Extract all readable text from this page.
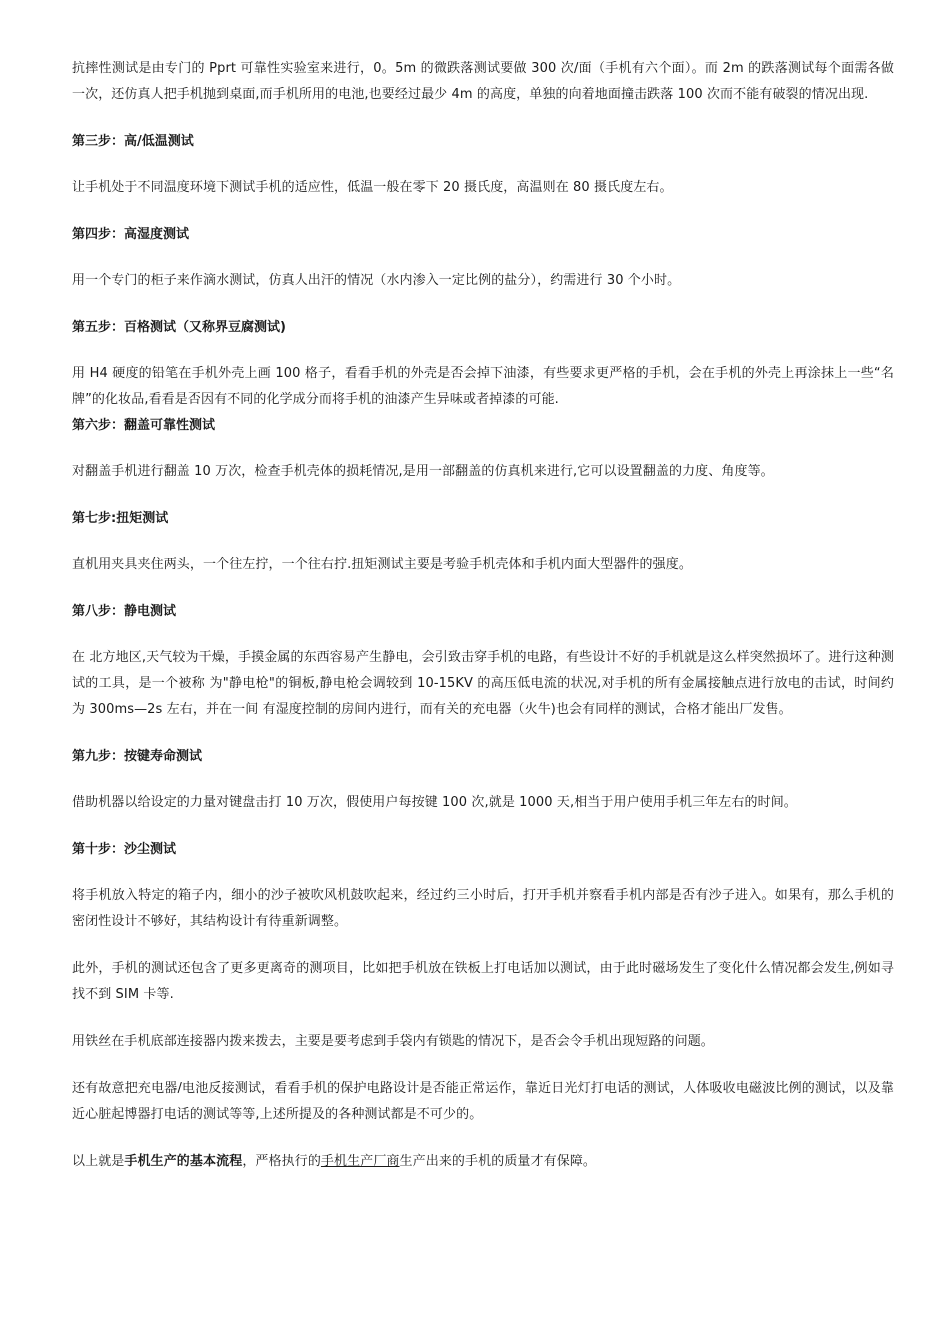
抗摔性测试是由专门的 Pprt 可靠性实验室来进行，0。5m 的微跌落测试要做 300 次/面（手机有六个面）。而 2m 的跌落测试每个面需各做一次，还仿真人把手机抛到桌面,而手机所用的电池,也要经过最少 4m 的高度，单独的向着地面撞击跌落 100 次而不能有破裂的情况出现.

第三步：高/低温测试

让手机处于不同温度环境下测试手机的适应性，低温一般在零下 20 摄氏度，高温则在 80 摄氏度左右。

第四步：高湿度测试

用一个专门的柜子来作滴水测试，仿真人出汗的情况（水内渗入一定比例的盐分），约需进行 30 个小时。

第五步：百格测试（又称界豆腐测试)

用 H4 硬度的铅笔在手机外壳上画 100 格子，看看手机的外壳是否会掉下油漆，有些要求更严格的手机，会在手机的外壳上再涂抹上一些“名牌”的化妆品,看看是否因有不同的化学成分而将手机的油漆产生异味或者掉漆的可能.

第六步：翻盖可靠性测试

对翻盖手机进行翻盖 10 万次，检查手机壳体的损耗情况,是用一部翻盖的仿真机来进行,它可以设置翻盖的力度、角度等。

第七步:扭矩测试

直机用夹具夹住两头，一个往左拧，一个往右拧.扭矩测试主要是考验手机壳体和手机内面大型器件的强度。

第八步：静电测试

在 北方地区,天气较为干燥，手摸金属的东西容易产生静电，会引致击穿手机的电路，有些设计不好的手机就是这么样突然损坏了。进行这种测试的工具，是一个被称 为"静电枪"的铜板,静电枪会调较到 10-15KV 的高压低电流的状况,对手机的所有金属接触点进行放电的击试，时间约为 300ms—2s 左右，并在一间 有湿度控制的房间内进行，而有关的充电器（火牛)也会有同样的测试，合格才能出厂发售。

第九步：按键寿命测试

借助机器以给设定的力量对键盘击打 10 万次，假使用户每按键 100 次,就是 1000 天,相当于用户使用手机三年左右的时间。

第十步：沙尘测试

将手机放入特定的箱子内，细小的沙子被吹风机鼓吹起来，经过约三小时后，打开手机并察看手机内部是否有沙子进入。如果有，那么手机的密闭性设计不够好，其结构设计有待重新调整。

此外，手机的测试还包含了更多更离奇的测项目，比如把手机放在铁板上打电话加以测试，由于此时磁场发生了变化什么情况都会发生,例如寻找不到 SIM 卡等.

用铁丝在手机底部连接器内拨来拨去，主要是要考虑到手袋内有锁匙的情况下，是否会令手机出现短路的问题。

还有故意把充电器/电池反接测试，看看手机的保护电路设计是否能正常运作，靠近日光灯打电话的测试，人体吸收电磁波比例的测试，以及靠近心脏起博器打电话的测试等等,上述所提及的各种测试都是不可少的。

以上就是手机生产的基本流程，严格执行的手机生产厂商生产出来的手机的质量才有保障。
